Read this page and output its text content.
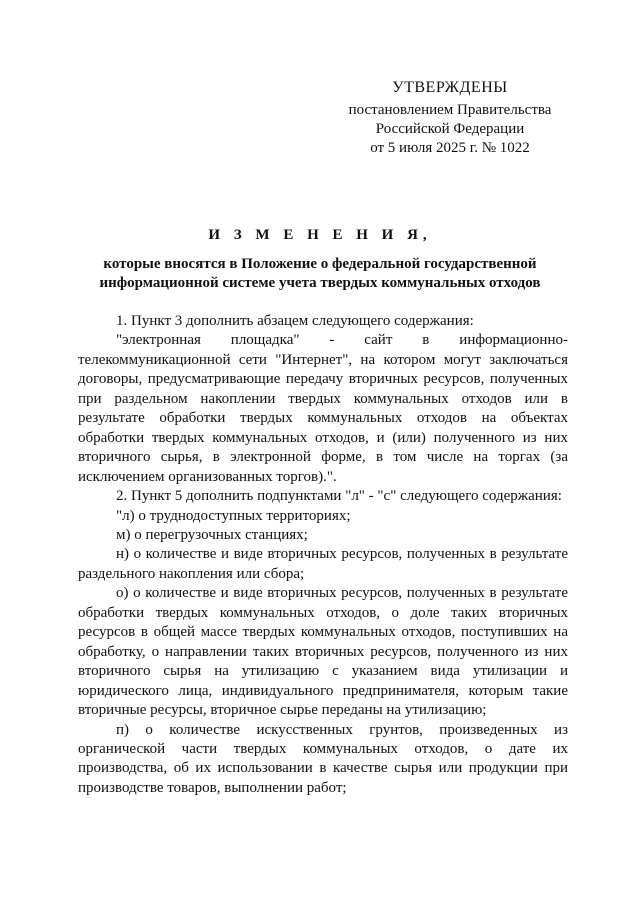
УТВЕРЖДЕНЫ
постановлением Правительства
Российской Федерации
от 5 июля 2025 г. № 1022
И З М Е Н Е Н И Я,
которые вносятся в Положение о федеральной государственной информационной системе учета твердых коммунальных отходов

1. Пункт 3 дополнить абзацем следующего содержания:

"электронная площадка" - сайт в информационно-телекоммуникационной сети "Интернет", на котором могут заключаться договоры, предусматривающие передачу вторичных ресурсов, полученных при раздельном накоплении твердых коммунальных отходов или в результате обработки твердых коммунальных отходов на объектах обработки твердых коммунальных отходов, и (или) полученного из них вторичного сырья, в электронной форме, в том числе на торгах (за исключением организованных торгов).".

2. Пункт 5 дополнить подпунктами "л" - "с" следующего содержания:

"л) о труднодоступных территориях;

м) о перегрузочных станциях;

н) о количестве и виде вторичных ресурсов, полученных в результате раздельного накопления или сбора;

о) о количестве и виде вторичных ресурсов, полученных в результате обработки твердых коммунальных отходов, о доле таких вторичных ресурсов в общей массе твердых коммунальных отходов, поступивших на обработку, о направлении таких вторичных ресурсов, полученного из них вторичного сырья на утилизацию с указанием вида утилизации и юридического лица, индивидуального предпринимателя, которым такие вторичные ресурсы, вторичное сырье переданы на утилизацию;

п) о количестве искусственных грунтов, произведенных из органической части твердых коммунальных отходов, о дате их производства, об их использовании в качестве сырья или продукции при производстве товаров, выполнении работ;
